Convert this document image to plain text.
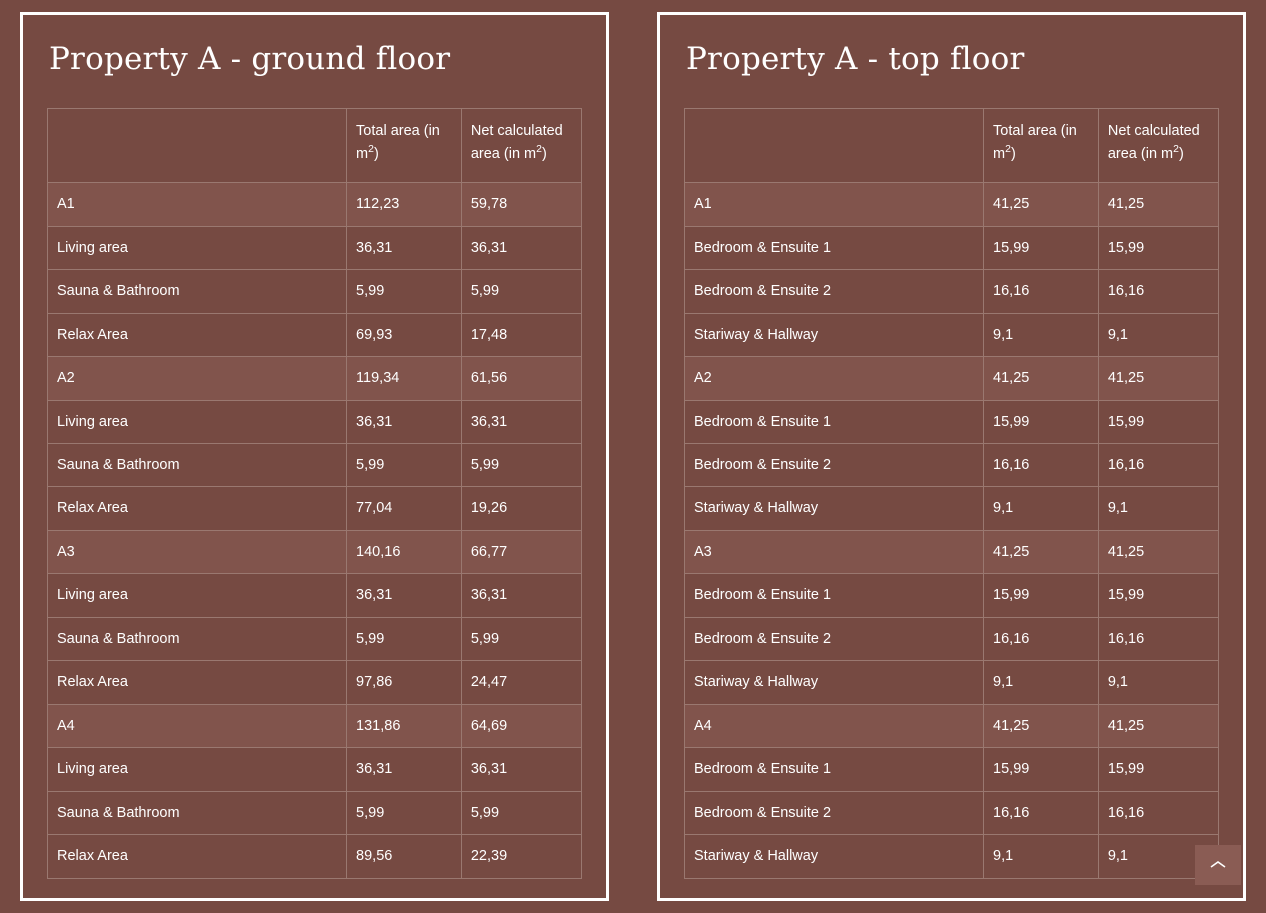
Property A - ground floor
	Total area (in $m^2$)	Net calculated area (in $m^2$)
A1	112,23	59,78
Living area	36,31	36,31
Sauna & Bathroom	5,99	5,99
Relax Area	69,93	17,48
A2	119,34	61,56
Living area	36,31	36,31
Sauna & Bathroom	5,99	5,99
Relax Area	77,04	19,26
A3	140,16	66,77
Living area	36,31	36,31
Sauna & Bathroom	5,99	5,99
Relax Area	97,86	24,47
A4	131,86	64,69
Living area	36,31	36,31
Sauna & Bathroom	5,99	5,99
Relax Area	89,56	22,39
Property A - top floor
	Total area (in $m^2$)	Net calculated area (in $m^2$)
A1	41,25	41,25
Bedroom & Ensuite 1	15,99	15,99
Bedroom & Ensuite 2	16,16	16,16
Stariway & Hallway	9,1	9,1
A2	41,25	41,25
Bedroom & Ensuite 1	15,99	15,99
Bedroom & Ensuite 2	16,16	16,16
Stariway & Hallway	9,1	9,1
A3	41,25	41,25
Bedroom & Ensuite 1	15,99	15,99
Bedroom & Ensuite 2	16,16	16,16
Stariway & Hallway	9,1	9,1
A4	41,25	41,25
Bedroom & Ensuite 1	15,99	15,99
Bedroom & Ensuite 2	16,16	16,16
Stariway & Hallway	9,1	9,1
